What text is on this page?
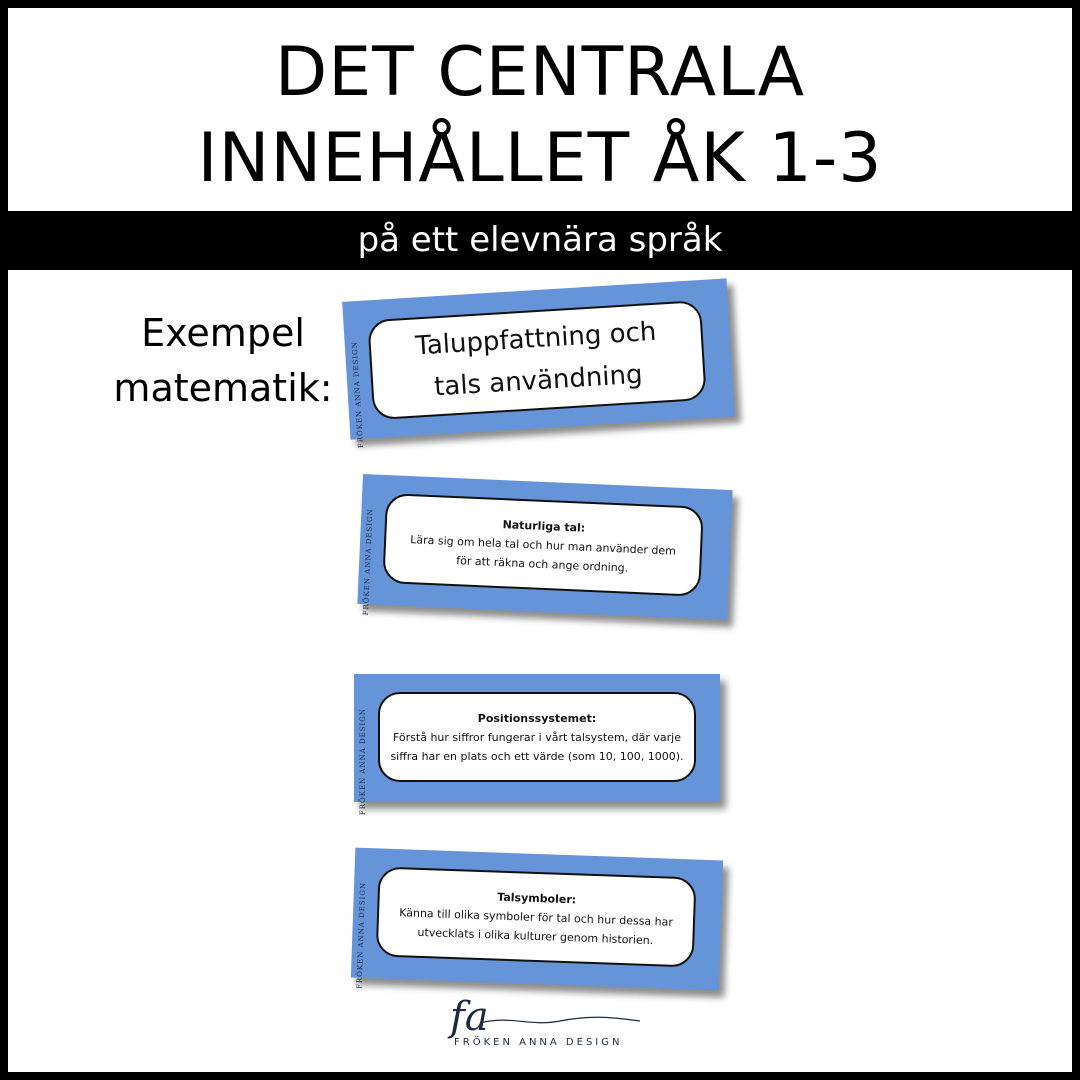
DET CENTRALA
INNEHÅLLET ÅK 1-3
på ett elevnära språk
Exempel
matematik:	FRÖKEN ANNA DESIGN
Taluppfattning och
tals användning
FRÖKEN ANNA DESIGN	Naturliga tal:
Lära sig om hela tal och hur man använder dem
för att räkna och ange ordning.
FRÖKEN ANNA DESIGN	Positionssystemet:
Förstå hur siffror fungerar i vårt talsystem, där varje
siffra har en plats och ett värde (som 10, 100, 1000).
FRÖKEN ANNA DESIGN	Talsymboler:
Känna till olika symboler för tal och hur dessa har
utvecklats i olika kulturer genom historien.
fa
FRÖKEN ANNA DESIGN
